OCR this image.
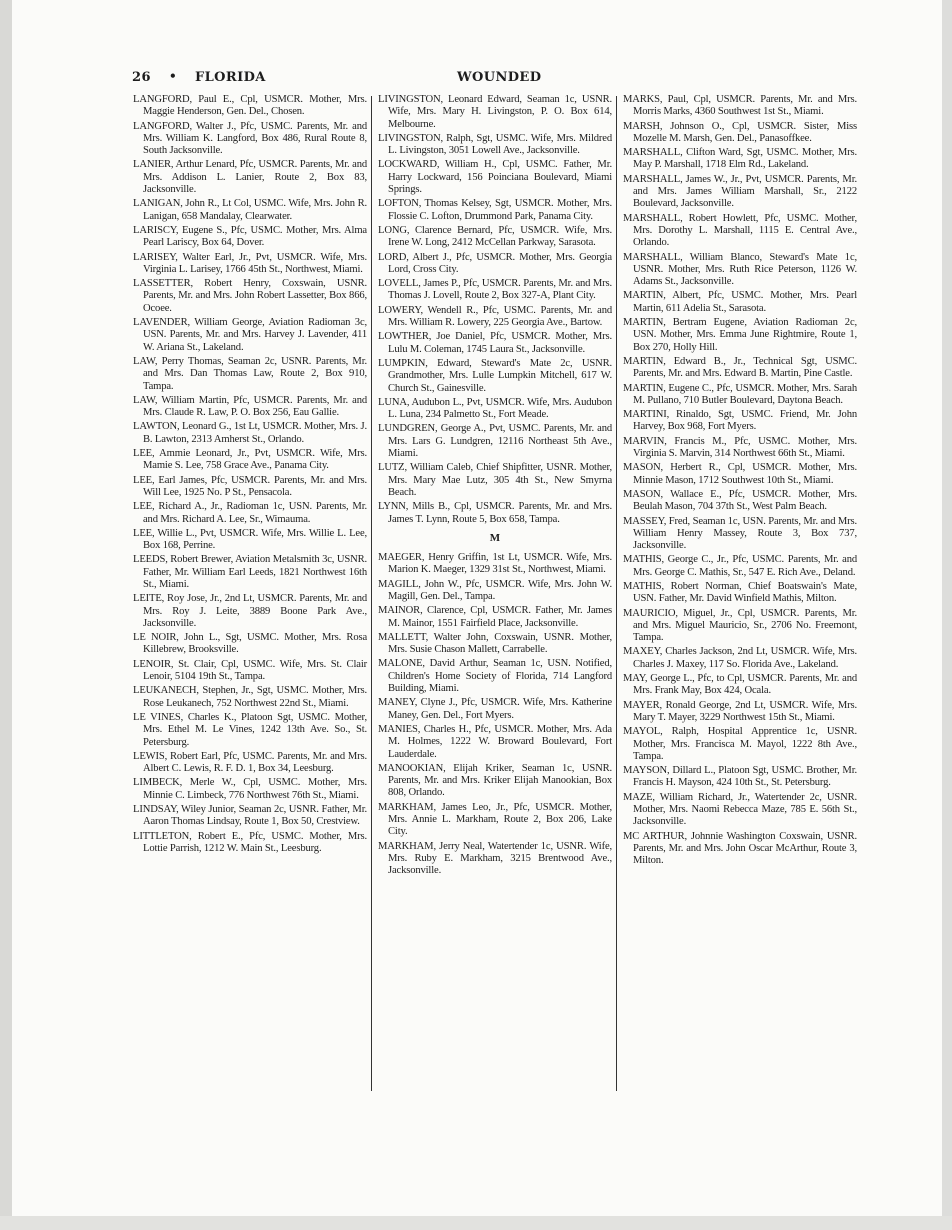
26 • FLORIDA	WOUNDED

LANGFORD, Paul E., Cpl, USMCR. Mother, Mrs. Maggie Henderson, Gen. Del., Chosen.

LANGFORD, Walter J., Pfc, USMC. Parents, Mr. and Mrs. William K. Langford, Box 486, Rural Route 8, South Jacksonville.

LANIER, Arthur Lenard, Pfc, USMCR. Parents, Mr. and Mrs. Addison L. Lanier, Route 2, Box 83, Jacksonville.

LANIGAN, John R., Lt Col, USMC. Wife, Mrs. John R. Lanigan, 658 Mandalay, Clearwater.

LARISCY, Eugene S., Pfc, USMC. Mother, Mrs. Alma Pearl Lariscy, Box 64, Dover.

LARISEY, Walter Earl, Jr., Pvt, USMCR. Wife, Mrs. Virginia L. Larisey, 1766 45th St., Northwest, Miami.

LASSETTER, Robert Henry, Coxswain, USNR. Parents, Mr. and Mrs. John Robert Lassetter, Box 866, Ocoee.

LAVENDER, William George, Aviation Radioman 3c, USN. Parents, Mr. and Mrs. Harvey J. Lavender, 411 W. Ariana St., Lakeland.

LAW, Perry Thomas, Seaman 2c, USNR. Parents, Mr. and Mrs. Dan Thomas Law, Route 2, Box 910, Tampa.

LAW, William Martin, Pfc, USMCR. Parents, Mr. and Mrs. Claude R. Law, P. O. Box 256, Eau Gallie.

LAWTON, Leonard G., 1st Lt, USMCR. Mother, Mrs. J. B. Lawton, 2313 Amherst St., Orlando.

LEE, Ammie Leonard, Jr., Pvt, USMCR. Wife, Mrs. Mamie S. Lee, 758 Grace Ave., Panama City.

LEE, Earl James, Pfc, USMCR. Parents, Mr. and Mrs. Will Lee, 1925 No. P St., Pensacola.

LEE, Richard A., Jr., Radioman 1c, USN. Parents, Mr. and Mrs. Richard A. Lee, Sr., Wimauma.

LEE, Willie L., Pvt, USMCR. Wife, Mrs. Willie L. Lee, Box 168, Perrine.

LEEDS, Robert Brewer, Aviation Metalsmith 3c, USNR. Father, Mr. William Earl Leeds, 1821 Northwest 16th St., Miami.

LEITE, Roy Jose, Jr., 2nd Lt, USMCR. Parents, Mr. and Mrs. Roy J. Leite, 3889 Boone Park Ave., Jacksonville.

LE NOIR, John L., Sgt, USMC. Mother, Mrs. Rosa Killebrew, Brooksville.

LENOIR, St. Clair, Cpl, USMC. Wife, Mrs. St. Clair Lenoir, 5104 19th St., Tampa.

LEUKANECH, Stephen, Jr., Sgt, USMC. Mother, Mrs. Rose Leukanech, 752 Northwest 22nd St., Miami.

LE VINES, Charles K., Platoon Sgt, USMC. Mother, Mrs. Ethel M. Le Vines, 1242 13th Ave. So., St. Petersburg.

LEWIS, Robert Earl, Pfc, USMC. Parents, Mr. and Mrs. Albert C. Lewis, R. F. D. 1, Box 34, Leesburg.

LIMBECK, Merle W., Cpl, USMC. Mother, Mrs. Minnie C. Limbeck, 776 Northwest 76th St., Miami.

LINDSAY, Wiley Junior, Seaman 2c, USNR. Father, Mr. Aaron Thomas Lindsay, Route 1, Box 50, Crestview.

LITTLETON, Robert E., Pfc, USMC. Mother, Mrs. Lottie Parrish, 1212 W. Main St., Leesburg.

LIVINGSTON, Leonard Edward, Seaman 1c, USNR. Wife, Mrs. Mary H. Livingston, P. O. Box 614, Melbourne.

LIVINGSTON, Ralph, Sgt, USMC. Wife, Mrs. Mildred L. Livingston, 3051 Lowell Ave., Jacksonville.

LOCKWARD, William H., Cpl, USMC. Father, Mr. Harry Lockward, 156 Poinciana Boulevard, Miami Springs.

LOFTON, Thomas Kelsey, Sgt, USMCR. Mother, Mrs. Flossie C. Lofton, Drummond Park, Panama City.

LONG, Clarence Bernard, Pfc, USMCR. Wife, Mrs. Irene W. Long, 2412 McCellan Parkway, Sarasota.

LORD, Albert J., Pfc, USMCR. Mother, Mrs. Georgia Lord, Cross City.

LOVELL, James P., Pfc, USMCR. Parents, Mr. and Mrs. Thomas J. Lovell, Route 2, Box 327-A, Plant City.

LOWERY, Wendell R., Pfc, USMC. Parents, Mr. and Mrs. William R. Lowery, 225 Georgia Ave., Bartow.

LOWTHER, Joe Daniel, Pfc, USMCR. Mother, Mrs. Lulu M. Coleman, 1745 Laura St., Jacksonville.

LUMPKIN, Edward, Steward's Mate 2c, USNR. Grandmother, Mrs. Lulle Lumpkin Mitchell, 617 W. Church St., Gainesville.

LUNA, Audubon L., Pvt, USMCR. Wife, Mrs. Audubon L. Luna, 234 Palmetto St., Fort Meade.

LUNDGREN, George A., Pvt, USMC. Parents, Mr. and Mrs. Lars G. Lundgren, 12116 Northeast 5th Ave., Miami.

LUTZ, William Caleb, Chief Shipfitter, USNR. Mother, Mrs. Mary Mae Lutz, 305 4th St., New Smyrna Beach.

LYNN, Mills B., Cpl, USMCR. Parents, Mr. and Mrs. James T. Lynn, Route 5, Box 658, Tampa.

M

MAEGER, Henry Griffin, 1st Lt, USMCR. Wife, Mrs. Marion K. Maeger, 1329 31st St., Northwest, Miami.

MAGILL, John W., Pfc, USMCR. Wife, Mrs. John W. Magill, Gen. Del., Tampa.

MAINOR, Clarence, Cpl, USMCR. Father, Mr. James M. Mainor, 1551 Fairfield Place, Jacksonville.

MALLETT, Walter John, Coxswain, USNR. Mother, Mrs. Susie Chason Mallett, Carrabelle.

MALONE, David Arthur, Seaman 1c, USN. Notified, Children's Home Society of Florida, 714 Langford Building, Miami.

MANEY, Clyne J., Pfc, USMCR. Wife, Mrs. Katherine Maney, Gen. Del., Fort Myers.

MANIES, Charles H., Pfc, USMCR. Mother, Mrs. Ada M. Holmes, 1222 W. Broward Boulevard, Fort Lauderdale.

MANOOKIAN, Elijah Kriker, Seaman 1c, USNR. Parents, Mr. and Mrs. Kriker Elijah Manookian, Box 808, Orlando.

MARKHAM, James Leo, Jr., Pfc, USMCR. Mother, Mrs. Annie L. Markham, Route 2, Box 206, Lake City.

MARKHAM, Jerry Neal, Watertender 1c, USNR. Wife, Mrs. Ruby E. Markham, 3215 Brentwood Ave., Jacksonville.

MARKS, Paul, Cpl, USMCR. Parents, Mr. and Mrs. Morris Marks, 4360 Southwest 1st St., Miami.

MARSH, Johnson O., Cpl, USMCR. Sister, Miss Mozelle M. Marsh, Gen. Del., Panasoffkee.

MARSHALL, Clifton Ward, Sgt, USMC. Mother, Mrs. May P. Marshall, 1718 Elm Rd., Lakeland.

MARSHALL, James W., Jr., Pvt, USMCR. Parents, Mr. and Mrs. James William Marshall, Sr., 2122 Boulevard, Jacksonville.

MARSHALL, Robert Howlett, Pfc, USMC. Mother, Mrs. Dorothy L. Marshall, 1115 E. Central Ave., Orlando.

MARSHALL, William Blanco, Steward's Mate 1c, USNR. Mother, Mrs. Ruth Rice Peterson, 1126 W. Adams St., Jacksonville.

MARTIN, Albert, Pfc, USMC. Mother, Mrs. Pearl Martin, 611 Adelia St., Sarasota.

MARTIN, Bertram Eugene, Aviation Radioman 2c, USN. Mother, Mrs. Emma June Rightmire, Route 1, Box 270, Holly Hill.

MARTIN, Edward B., Jr., Technical Sgt, USMC. Parents, Mr. and Mrs. Edward B. Martin, Pine Castle.

MARTIN, Eugene C., Pfc, USMCR. Mother, Mrs. Sarah M. Pullano, 710 Butler Boulevard, Daytona Beach.

MARTINI, Rinaldo, Sgt, USMC. Friend, Mr. John Harvey, Box 968, Fort Myers.

MARVIN, Francis M., Pfc, USMC. Mother, Mrs. Virginia S. Marvin, 314 Northwest 66th St., Miami.

MASON, Herbert R., Cpl, USMCR. Mother, Mrs. Minnie Mason, 1712 Southwest 10th St., Miami.

MASON, Wallace E., Pfc, USMCR. Mother, Mrs. Beulah Mason, 704 37th St., West Palm Beach.

MASSEY, Fred, Seaman 1c, USN. Parents, Mr. and Mrs. William Henry Massey, Route 3, Box 737, Jacksonville.

MATHIS, George C., Jr., Pfc, USMC. Parents, Mr. and Mrs. George C. Mathis, Sr., 547 E. Rich Ave., Deland.

MATHIS, Robert Norman, Chief Boatswain's Mate, USN. Father, Mr. David Winfield Mathis, Milton.

MAURICIO, Miguel, Jr., Cpl, USMCR. Parents, Mr. and Mrs. Miguel Mauricio, Sr., 2706 No. Freemont, Tampa.

MAXEY, Charles Jackson, 2nd Lt, USMCR. Wife, Mrs. Charles J. Maxey, 117 So. Florida Ave., Lakeland.

MAY, George L., Pfc, to Cpl, USMCR. Parents, Mr. and Mrs. Frank May, Box 424, Ocala.

MAYER, Ronald George, 2nd Lt, USMCR. Wife, Mrs. Mary T. Mayer, 3229 Northwest 15th St., Miami.

MAYOL, Ralph, Hospital Apprentice 1c, USNR. Mother, Mrs. Francisca M. Mayol, 1222 8th Ave., Tampa.

MAYSON, Dillard L., Platoon Sgt, USMC. Brother, Mr. Francis H. Mayson, 424 10th St., St. Petersburg.

MAZE, William Richard, Jr., Watertender 2c, USNR. Mother, Mrs. Naomi Rebecca Maze, 785 E. 56th St., Jacksonville.

MC ARTHUR, Johnnie Washington Coxswain, USNR. Parents, Mr. and Mrs. John Oscar McArthur, Route 3, Milton.
